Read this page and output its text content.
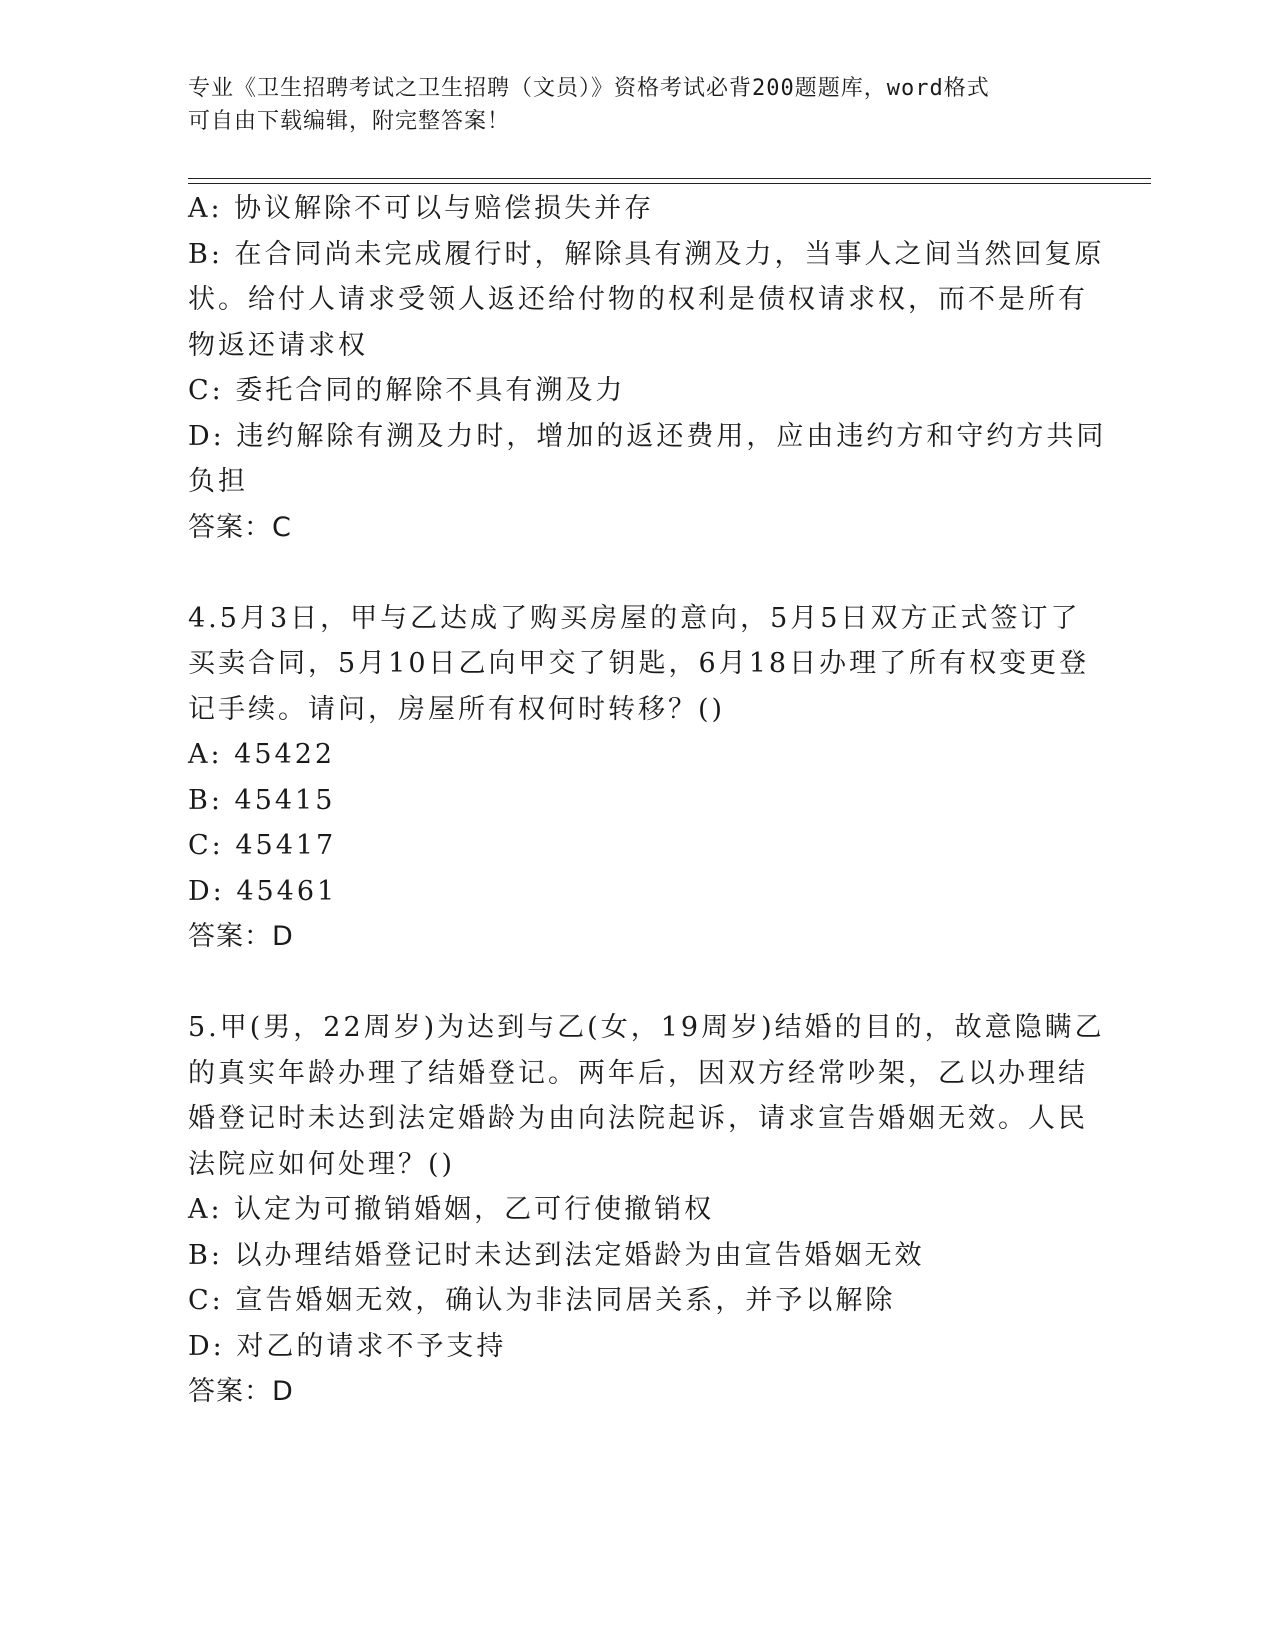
专业《卫生招聘考试之卫生招聘（文员）》资格考试必背200题题库，word格式
可自由下载编辑，附完整答案！
A: 协议解除不可以与赔偿损失并存
B: 在合同尚未完成履行时，解除具有溯及力，当事人之间当然回复原
状。给付人请求受领人返还给付物的权利是债权请求权，而不是所有
物返还请求权
C: 委托合同的解除不具有溯及力
D: 违约解除有溯及力时，增加的返还费用，应由违约方和守约方共同
负担
答案：C
4.5月3日，甲与乙达成了购买房屋的意向，5月5日双方正式签订了
买卖合同，5月10日乙向甲交了钥匙，6月18日办理了所有权变更登
记手续。请问，房屋所有权何时转移？()
A: 45422
B: 45415
C: 45417
D: 45461
答案：D
5.甲(男，22周岁)为达到与乙(女，19周岁)结婚的目的，故意隐瞒乙
的真实年龄办理了结婚登记。两年后，因双方经常吵架，乙以办理结
婚登记时未达到法定婚龄为由向法院起诉，请求宣告婚姻无效。人民
法院应如何处理？()
A: 认定为可撤销婚姻，乙可行使撤销权
B: 以办理结婚登记时未达到法定婚龄为由宣告婚姻无效
C: 宣告婚姻无效，确认为非法同居关系，并予以解除
D: 对乙的请求不予支持
答案：D
